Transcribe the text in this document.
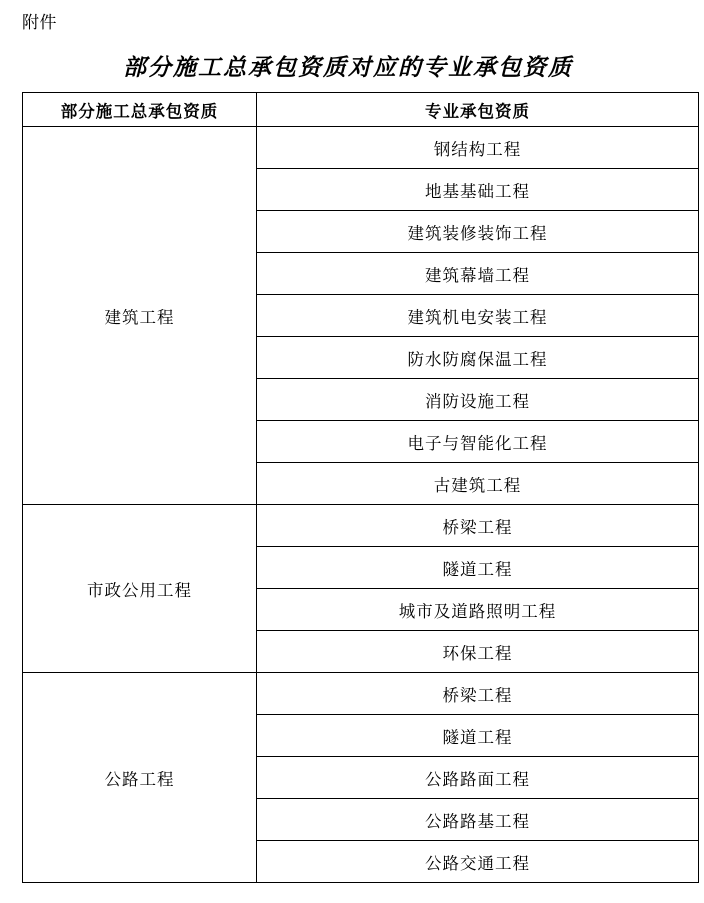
附件
部分施工总承包资质对应的专业承包资质
部分施工总承包资质	专业承包资质
建筑工程	钢结构工程
	地基基础工程
	建筑装修装饰工程
	建筑幕墙工程
	建筑机电安装工程
	防水防腐保温工程
	消防设施工程
	电子与智能化工程
	古建筑工程
市政公用工程	桥梁工程
	隧道工程
	城市及道路照明工程
	环保工程
公路工程	桥梁工程
	隧道工程
	公路路面工程
	公路路基工程
	公路交通工程
